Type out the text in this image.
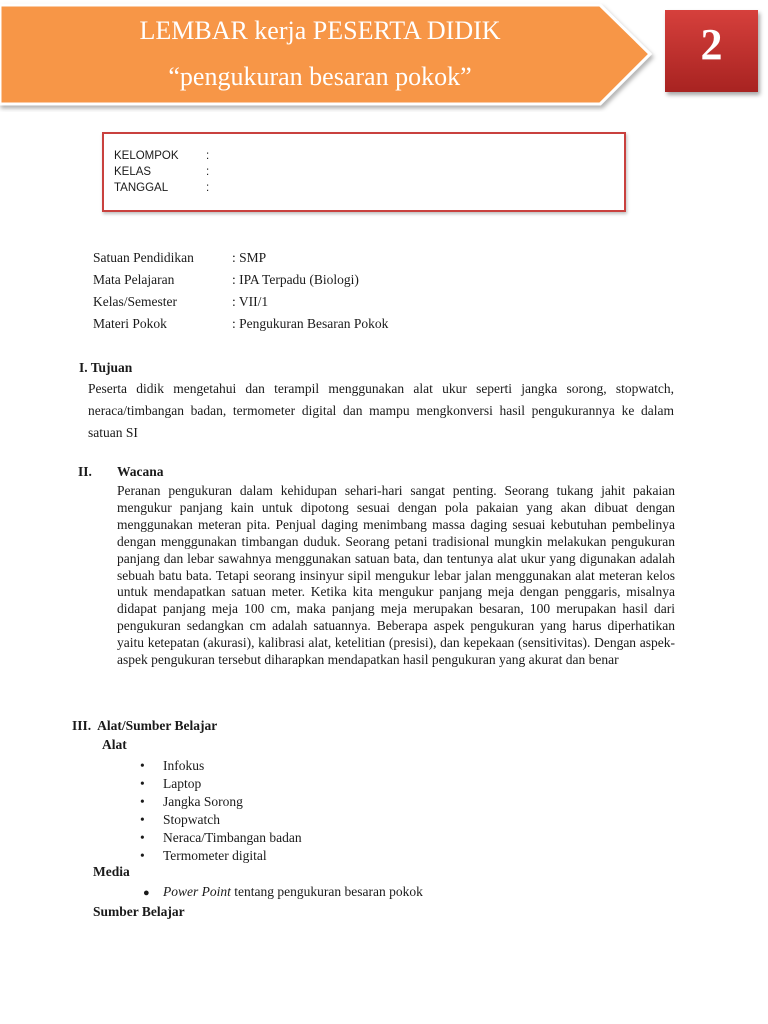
LEMBAR kerja PESERTA DIDIK
“pengukuran besaran pokok”
2
KELOMPOK	:
KELAS	:
TANGGAL	:
Satuan Pendidikan	: SMP
Mata Pelajaran	: IPA Terpadu (Biologi)
Kelas/Semester	: VII/1
Materi Pokok	: Pengukuran Besaran Pokok
I. Tujuan
Peserta didik mengetahui dan terampil menggunakan alat ukur seperti jangka sorong, stopwatch, neraca/timbangan badan, termometer digital dan mampu mengkonversi hasil pengukurannya ke dalam satuan SI
II. Wacana
Peranan pengukuran dalam kehidupan sehari-hari sangat penting. Seorang tukang jahit pakaian mengukur panjang kain untuk dipotong sesuai dengan pola pakaian yang akan dibuat dengan menggunakan meteran pita. Penjual daging menimbang massa daging sesuai kebutuhan pembelinya dengan menggunakan timbangan duduk. Seorang petani tradisional mungkin melakukan pengukuran panjang dan lebar sawahnya menggunakan satuan bata, dan tentunya alat ukur yang digunakan adalah sebuah batu bata. Tetapi seorang insinyur sipil mengukur lebar jalan menggunakan alat meteran kelos untuk mendapatkan satuan meter. Ketika kita mengukur panjang meja dengan penggaris, misalnya didapat panjang meja 100 cm, maka panjang meja merupakan besaran, 100 merupakan hasil dari pengukuran sedangkan cm adalah satuannya. Beberapa aspek pengukuran yang harus diperhatikan yaitu ketepatan (akurasi), kalibrasi alat, ketelitian (presisi), dan kepekaan (sensitivitas). Dengan aspek-aspek pengukuran tersebut diharapkan mendapatkan hasil pengukuran yang akurat dan benar
III.  Alat/Sumber Belajar
Alat
• Infokus
• Laptop
• Jangka Sorong
• Stopwatch
• Neraca/Timbangan badan
• Termometer digital
Media
● Power Point tentang pengukuran besaran pokok
Sumber Belajar
